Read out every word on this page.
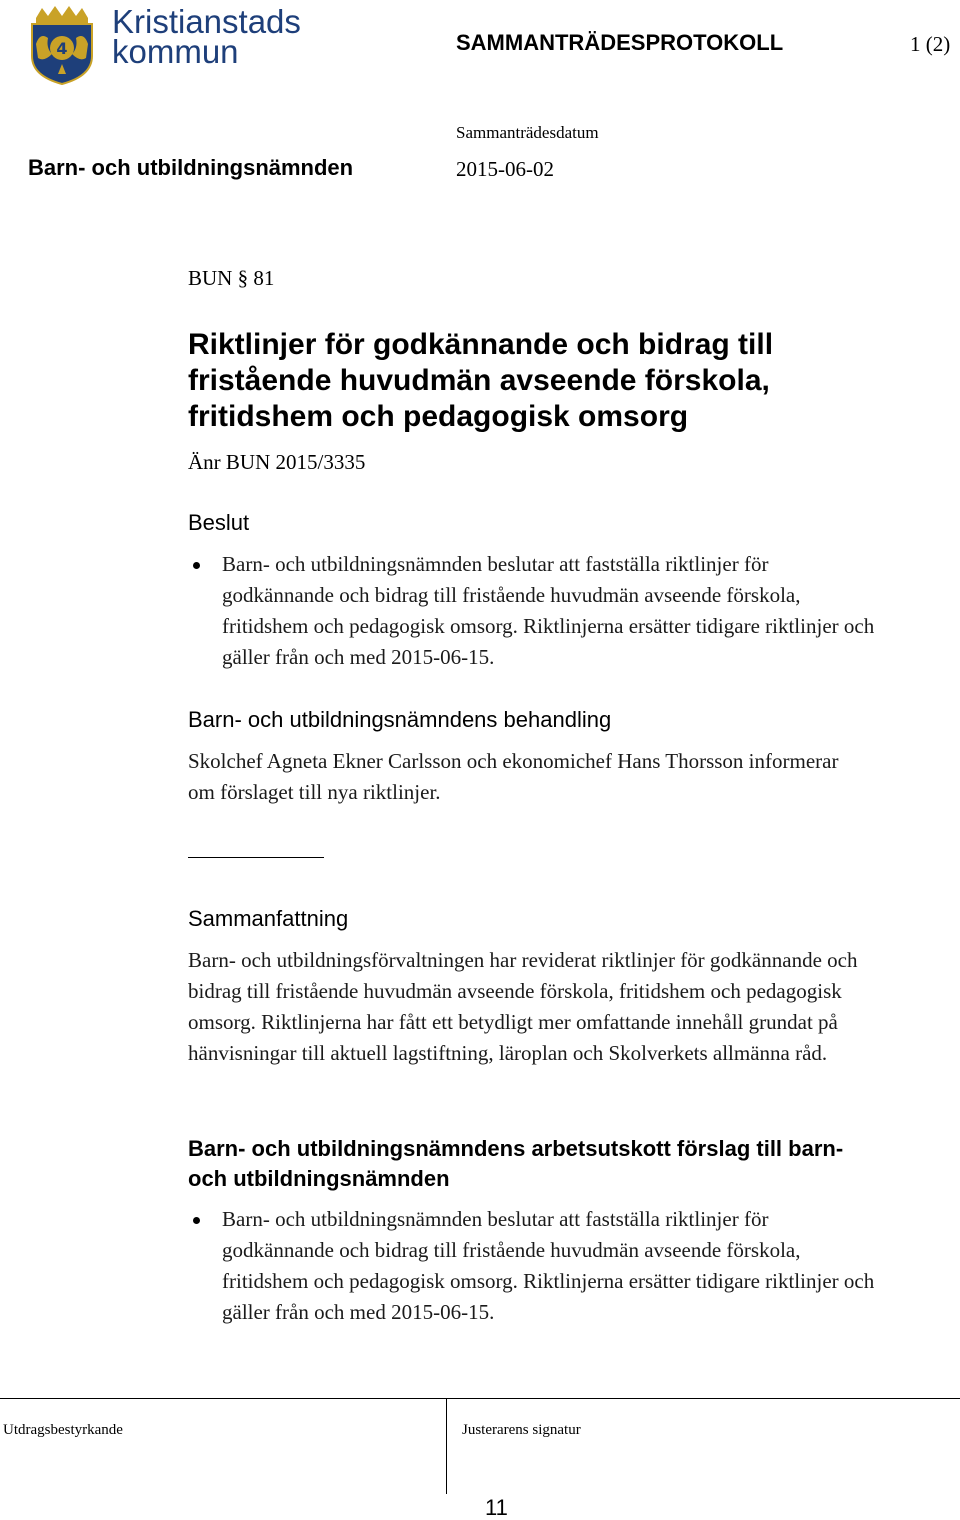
4
Kristianstads
kommun	SAMMANTRÄDESPROTOKOLL	1 (2)
Sammanträdesdatum
Barn- och utbildningsnämnden	2015-06-02
BUN § 81
Riktlinjer för godkännande och bidrag till fristående huvudmän avseende förskola, fritidshem och pedagogisk omsorg
Änr BUN 2015/3335
Beslut
Barn- och utbildningsnämnden beslutar att fastställa riktlinjer för godkännande och bidrag till fristående huvudmän avseende förskola, fritidshem och pedagogisk omsorg. Riktlinjerna ersätter tidigare riktlinjer och gäller från och med 2015-06-15.
Barn- och utbildningsnämndens behandling
Skolchef Agneta Ekner Carlsson och ekonomichef Hans Thorsson informerar om förslaget till nya riktlinjer.
Sammanfattning
Barn- och utbildningsförvaltningen har reviderat riktlinjer för godkännande och bidrag till fristående huvudmän avseende förskola, fritidshem och pedagogisk omsorg. Riktlinjerna har fått ett betydligt mer omfattande innehåll grundat på hänvisningar till aktuell lagstiftning, läroplan och Skolverkets allmänna råd.
Barn- och utbildningsnämndens arbetsutskott förslag till barn- och utbildningsnämnden
Barn- och utbildningsnämnden beslutar att fastställa riktlinjer för godkännande och bidrag till fristående huvudmän avseende förskola, fritidshem och pedagogisk omsorg. Riktlinjerna ersätter tidigare riktlinjer och gäller från och med 2015-06-15.
Utdragsbestyrkande	Justerarens signatur
11
